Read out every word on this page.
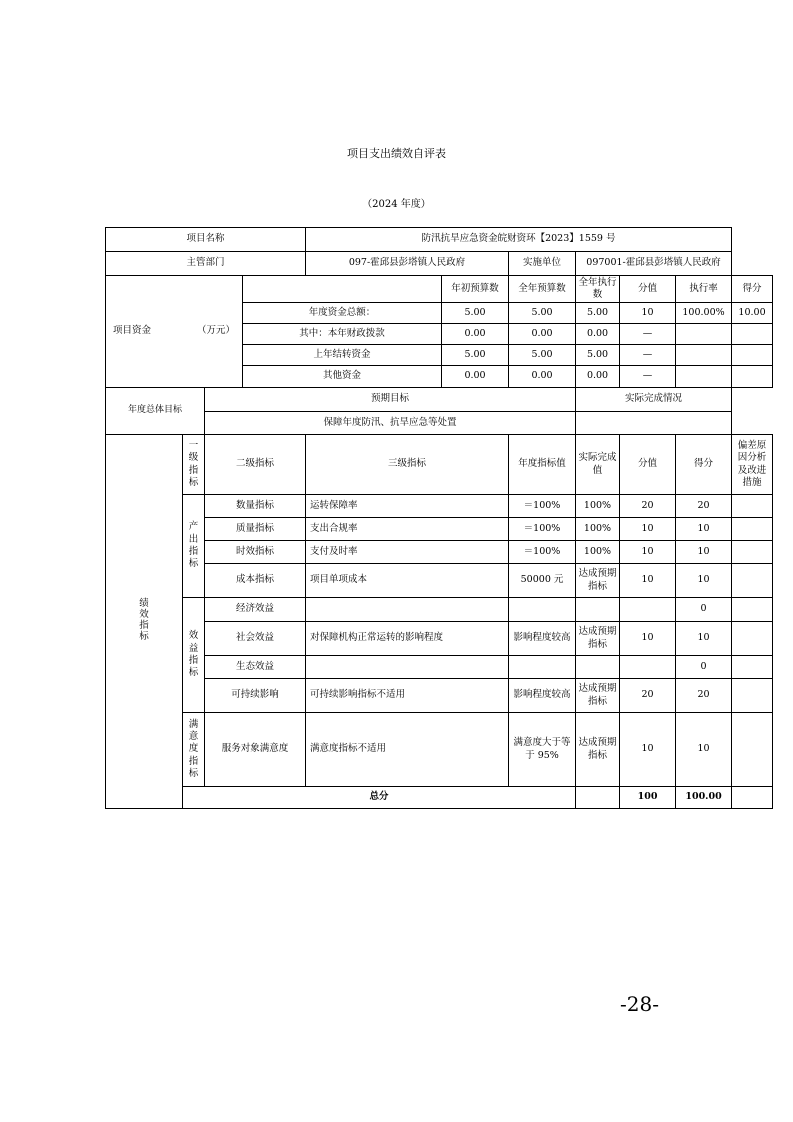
项目支出绩效自评表
（2024 年度）
项目名称				防汛抗旱应急资金皖财资环【2023】1559 号						
主管部门				097-霍邱县彭塔镇人民政府		实施单位	097001-霍邱县彭塔镇人民政府			
项目资金 （万元）					年初预算数	全年预算数	全年执行数	分值	执行率	得分
			年度资金总额：		5.00	5.00	5.00	10	100.00%	10.00
			其中：本年财政拨款		0.00	0.00	0.00	—		
			上年结转资金		5.00	5.00	5.00	—		
			其他资金		0.00	0.00	0.00	—		
年度总体目标		预期目标					实际完成情况			
		保障年度防汛、抗旱应急等处置								
绩效指标	一级指标	二级指标		三级指标		年度指标值	实际完成值	分值	得分	偏差原因分析及改进措施
	产出指标	数量指标		运转保障率		＝100%	100%	20	20	
		质量指标		支出合规率		＝100%	100%	10	10	
		时效指标		支付及时率		＝100%	100%	10	10	
		成本指标		项目单项成本		50000 元	达成预期指标	10	10	
	效益指标	经济效益							0	
		社会效益		对保障机构正常运转的影响程度		影响程度较高	达成预期指标	10	10	
		生态效益							0	
		可持续影响		可持续影响指标不适用		影响程度较高	达成预期指标	20	20	
	满意度指标	服务对象满意度		满意度指标不适用		满意度大于等于 95%	达成预期指标	10	10	
	总分							100	100.00	
-28-
